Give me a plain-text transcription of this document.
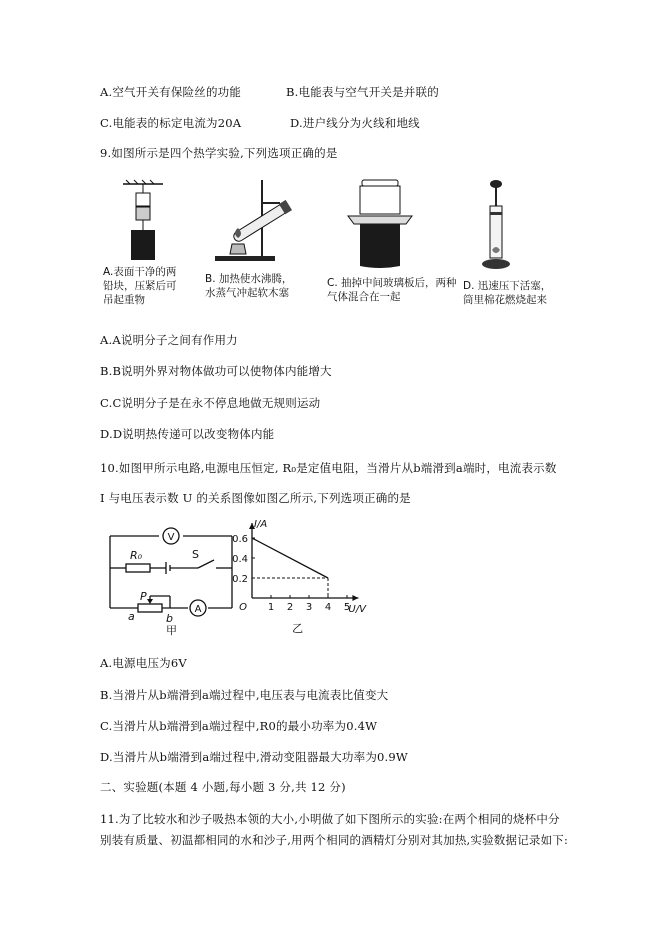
A.空气开关有保险丝的功能	B.电能表与空气开关是并联的
C.电能表的标定电流为20A	D.进户线分为火线和地线
9.如图所示是四个热学实验,下列选项正确的是
A.表面干净的两
铅块，压紧后可
吊起重物
B. 加热使水沸腾，
水蒸气冲起软木塞
C. 抽掉中间玻璃板后，两种
气体混合在一起
D. 迅速压下活塞，
筒里棉花燃烧起来
A.A说明分子之间有作用力
B.B说明外界对物体做功可以使物体内能增大
C.C说明分子是在永不停息地做无规则运动
D.D说明热传递可以改变物体内能
10.如图甲所示电路,电源电压恒定, R₀是定值电阻，当滑片从b端滑到a端时，电流表示数
I 与电压表示数 U 的关系图像如图乙所示,下列选项正确的是
V
A
R₀	S
P
a	b
甲
1 2 3 4 5
0.2
0.4
0.6
O
I/A
U/V
乙
A.电源电压为6V
B.当滑片从b端滑到a端过程中,电压表与电流表比值变大
C.当滑片从b端滑到a端过程中,R0的最小功率为0.4W
D.当滑片从b端滑到a端过程中,滑动变阻器最大功率为0.9W
二、实验题(本题 4 小题,每小题 3 分,共 12 分)
11.为了比较水和沙子吸热本领的大小,小明做了如下图所示的实验:在两个相同的烧杯中分
别装有质量、初温都相同的水和沙子,用两个相同的酒精灯分别对其加热,实验数据记录如下:
